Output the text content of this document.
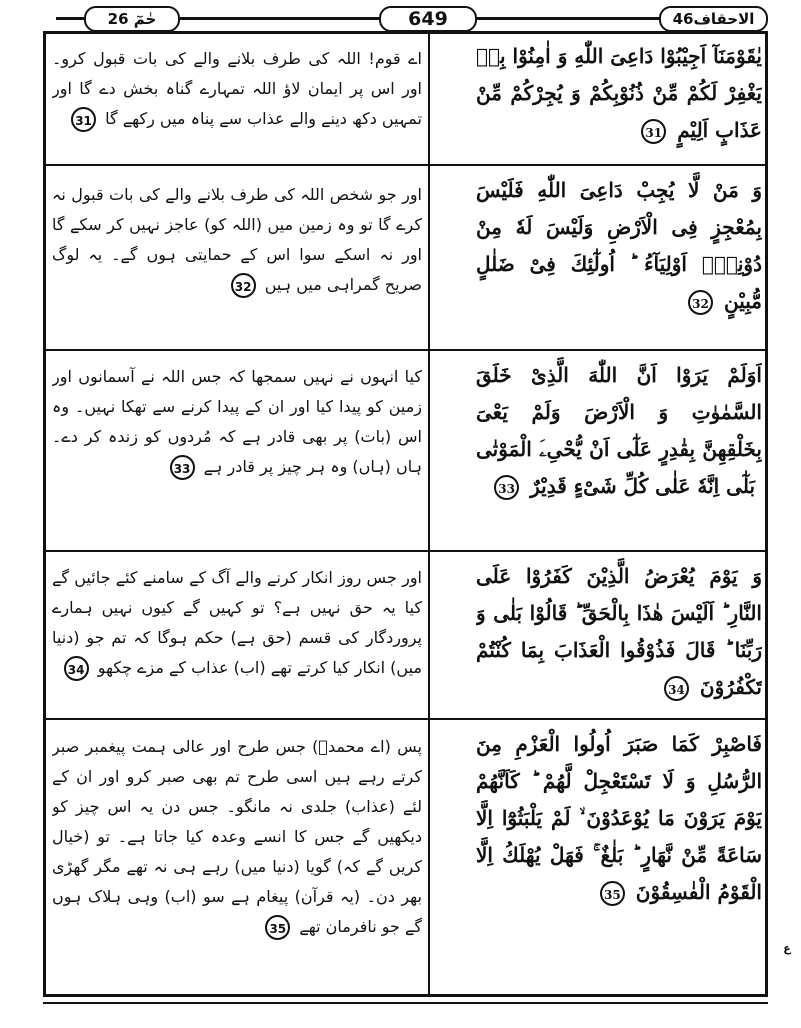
حٰمٓ 26	649	الاحقاف46
يٰقَوْمَنَآ اَجِيْبُوْا دَاعِىَ اللّٰهِ وَ اٰمِنُوْا بِهٖ يَغْفِرْ لَكُمْ مِّنْ ذُنُوْبِكُمْ وَ يُجِرْكُمْ مِّنْ عَذَابٍ اَلِيْمٍ 31
اے قوم! اللہ کی طرف بلانے والے کی بات قبول کرو۔ اور اس پر ایمان لاؤ اللہ تمہارے گناہ بخش دے گا اور تمہیں دکھ دینے والے عذاب سے پناہ میں رکھے گا 31
وَ مَنْ لَّا يُجِبْ دَاعِىَ اللّٰهِ فَلَيْسَ بِمُعْجِزٍ فِى الْاَرْضِ وَلَيْسَ لَهٗ مِنْ دُوْنِهٖٓ اَوْلِيَآءُ ؕ اُولٰٓئِكَ فِىْ ضَلٰلٍ مُّبِيْنٍ 32
اور جو شخص اللہ کی طرف بلانے والے کی بات قبول نہ کرے گا تو وہ زمین میں (اللہ کو) عاجز نہیں کر سکے گا اور نہ اسکے سوا اس کے حمایتی ہوں گے۔ یہ لوگ صریح گمراہی میں ہیں 32
اَوَلَمْ يَرَوْا اَنَّ اللّٰهَ الَّذِىْ خَلَقَ السَّمٰوٰتِ وَ الْاَرْضَ وَلَمْ يَعْىَ بِخَلْقِهِنَّ بِقٰدِرٍ عَلٰٓى اَنْ يُّحْىِۦَ الْمَوْتٰى ؕ بَلٰٓى اِنَّهٗ عَلٰى كُلِّ شَىْءٍ قَدِيْرٌ 33
کیا انہوں نے نہیں سمجھا کہ جس اللہ نے آسمانوں اور زمین کو پیدا کیا اور ان کے پیدا کرنے سے تھکا نہیں۔ وہ اس (بات) پر بھی قادر ہے کہ مُردوں کو زندہ کر دے۔ ہاں (ہاں) وہ ہر چیز پر قادر ہے 33
وَ يَوْمَ يُعْرَضُ الَّذِيْنَ كَفَرُوْا عَلَى النَّارِ ؕ اَلَيْسَ هٰذَا بِالْحَقِّ ؕ قَالُوْا بَلٰى وَ رَبِّنَا ؕ قَالَ فَذُوْقُوا الْعَذَابَ بِمَا كُنْتُمْ تَكْفُرُوْنَ 34
اور جس روز انکار کرنے والے آگ کے سامنے کئے جائیں گے کیا یہ حق نہیں ہے؟ تو کہیں گے کیوں نہیں ہمارے پروردگار کی قسم (حق ہے) حکم ہوگا کہ تم جو (دنیا میں) انکار کیا کرتے تھے (اب) عذاب کے مزے چکھو 34
فَاصْبِرْ كَمَا صَبَرَ اُولُوا الْعَزْمِ مِنَ الرُّسُلِ وَ لَا تَسْتَعْجِلْ لَّهُمْ ؕ كَاَنَّهُمْ يَوْمَ يَرَوْنَ مَا يُوْعَدُوْنَ ۙ لَمْ يَلْبَثُوْٓا اِلَّا سَاعَةً مِّنْ نَّهَارٍ ؕ بَلٰغٌ ۚ فَهَلْ يُهْلَكُ اِلَّا الْقَوْمُ الْفٰسِقُوْنَ 35
پس (اے محمدؐ) جس طرح اور عالی ہمت پیغمبر صبر کرتے رہے ہیں اسی طرح تم بھی صبر کرو اور ان کے لئے (عذاب) جلدی نہ مانگو۔ جس دن یہ اس چیز کو دیکھیں گے جس کا انسے وعدہ کیا جاتا ہے۔ تو (خیال کریں گے کہ) گویا (دنیا میں) رہے ہی نہ تھے مگر گھڑی بھر دن۔ (یہ قرآن) پیغام ہے سو (اب) وہی ہلاک ہوں گے جو نافرمان تھے 35
ع
